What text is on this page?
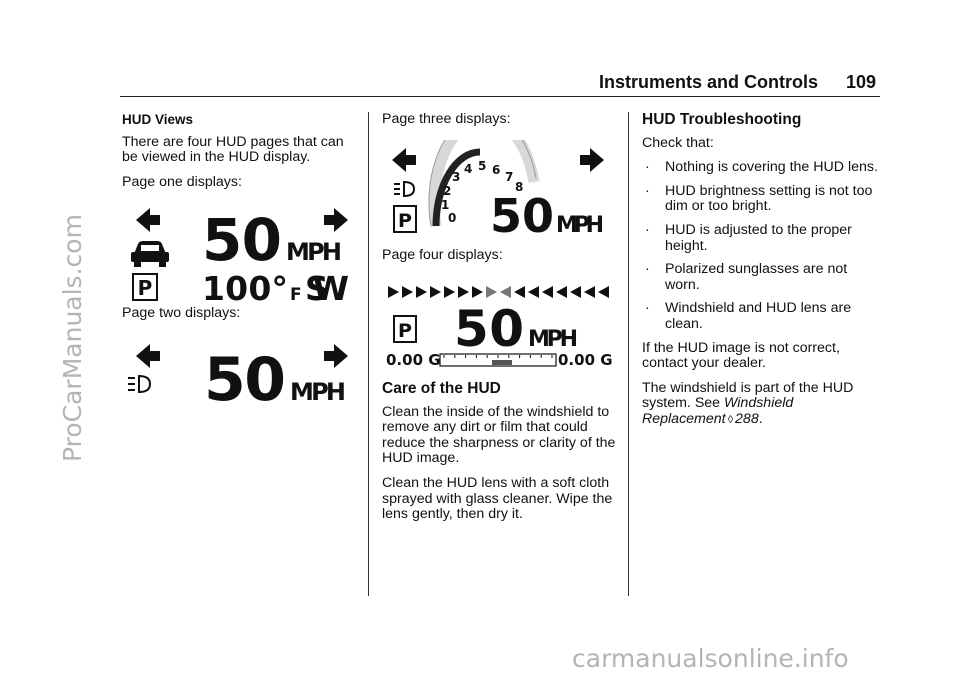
ProCarManuals.com
carmanualsonline.info
Instruments and Controls 109
HUD Views

There are four HUD pages that can be viewed in the HUD display.

Page one displays:

P
50 MPH
100° F SW

Page two displays:

50 MPH

Page three displays:

P	0
1
2
3
4 5 6 7
8
50 MPH

Page four displays:

P 50 MPH
0.00 G	0.00 G
Care of the HUD

Clean the inside of the windshield to remove any dirt or film that could reduce the sharpness or clarity of the HUD image.

Clean the HUD lens with a soft cloth sprayed with glass cleaner. Wipe the lens gently, then dry it.

HUD Troubleshooting

Check that:

·	Nothing is covering the HUD lens.
·	HUD brightness setting is not too dim or too bright.
·	HUD is adjusted to the proper height.
·	Polarized sunglasses are not worn.
·	Windshield and HUD lens are clean.

If the HUD image is not correct, contact your dealer.

The windshield is part of the HUD system. See Windshield Replacement ◊ 288.
